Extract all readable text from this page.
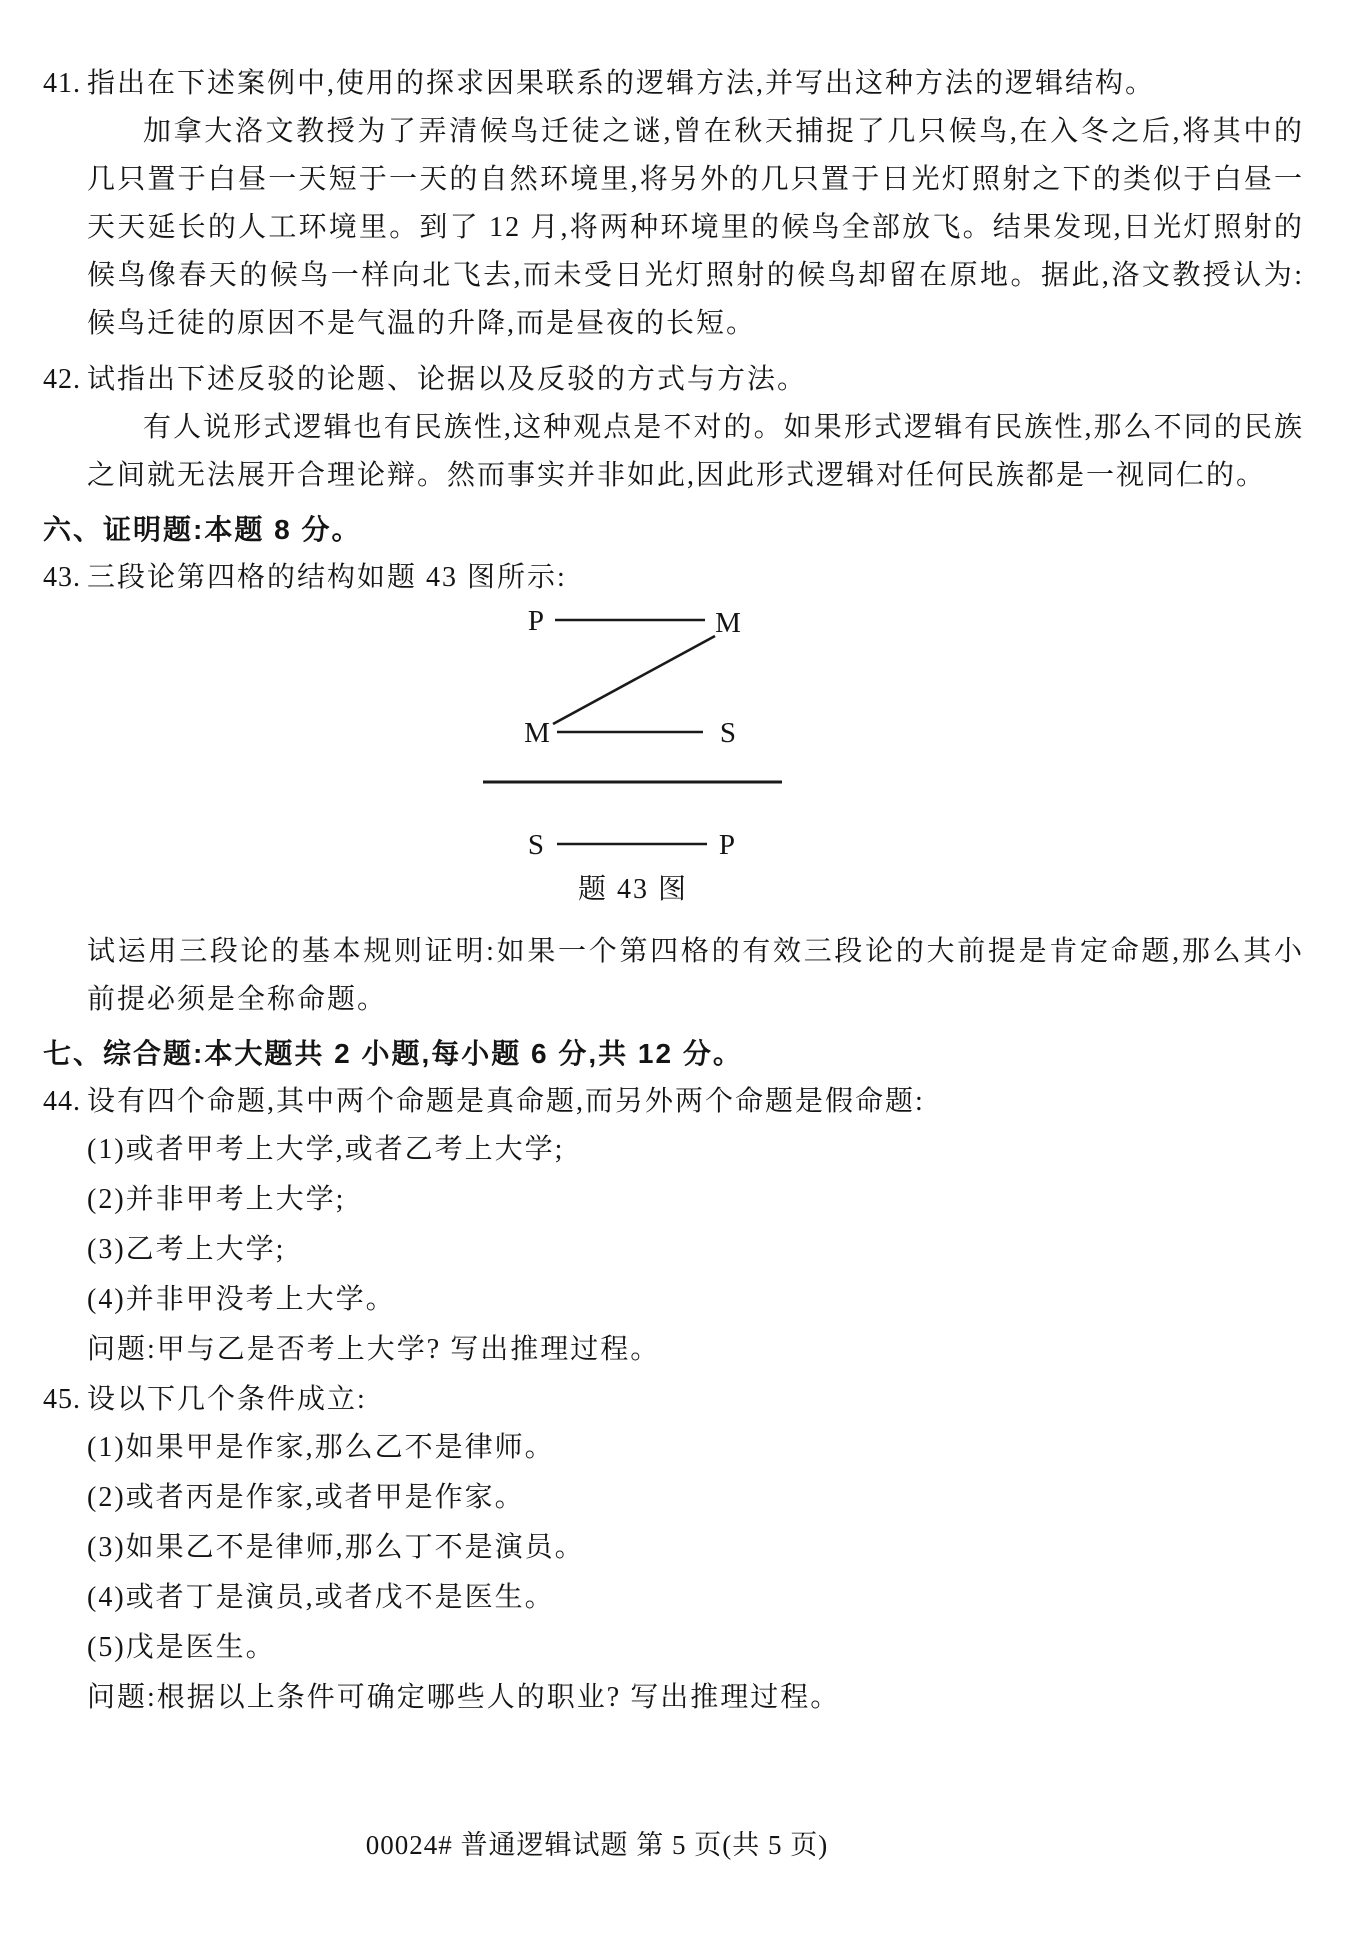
41. 指出在下述案例中,使用的探求因果联系的逻辑方法,并写出这种方法的逻辑结构。

加拿大洛文教授为了弄清候鸟迁徒之谜,曾在秋天捕捉了几只候鸟,在入冬之后,将其中的几只置于白昼一天短于一天的自然环境里,将另外的几只置于日光灯照射之下的类似于白昼一天天延长的人工环境里。到了 12 月,将两种环境里的候鸟全部放飞。结果发现,日光灯照射的候鸟像春天的候鸟一样向北飞去,而未受日光灯照射的候鸟却留在原地。据此,洛文教授认为:候鸟迁徒的原因不是气温的升降,而是昼夜的长短。

42. 试指出下述反驳的论题、论据以及反驳的方式与方法。

有人说形式逻辑也有民族性,这种观点是不对的。如果形式逻辑有民族性,那么不同的民族之间就无法展开合理论辩。然而事实并非如此,因此形式逻辑对任何民族都是一视同仁的。

六、证明题:本题 8 分。
43. 三段论第四格的结构如题 43 图所示:
P	M
M	S
S	P
题 43 图

试运用三段论的基本规则证明:如果一个第四格的有效三段论的大前提是肯定命题,那么其小前提必须是全称命题。

七、综合题:本大题共 2 小题,每小题 6 分,共 12 分。
44. 设有四个命题,其中两个命题是真命题,而另外两个命题是假命题:
(1)或者甲考上大学,或者乙考上大学;
(2)并非甲考上大学;
(3)乙考上大学;
(4)并非甲没考上大学。
问题:甲与乙是否考上大学? 写出推理过程。
45. 设以下几个条件成立:
(1)如果甲是作家,那么乙不是律师。
(2)或者丙是作家,或者甲是作家。
(3)如果乙不是律师,那么丁不是演员。
(4)或者丁是演员,或者戊不是医生。
(5)戊是医生。
问题:根据以上条件可确定哪些人的职业? 写出推理过程。
00024# 普通逻辑试题 第 5 页(共 5 页)
